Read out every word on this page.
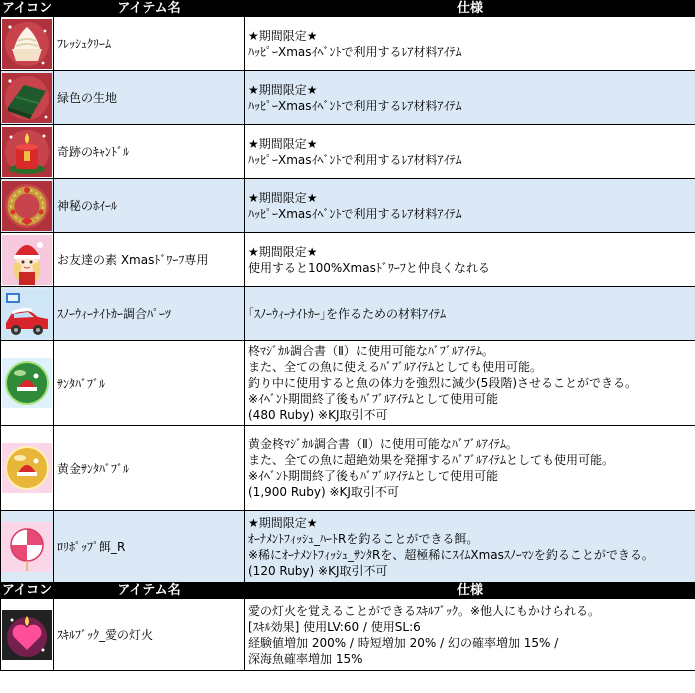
アイコン	アイテム名	仕様

	ﾌﾚｯｼｭｸﾘｰﾑ	★期間限定★
ﾊｯﾋﾟｰXmasｲﾍﾞﾝﾄで利用するﾚｱ材料ｱｲﾃﾑ

	緑色の生地	★期間限定★
ﾊｯﾋﾟｰXmasｲﾍﾞﾝﾄで利用するﾚｱ材料ｱｲﾃﾑ

	奇跡のｷｬﾝﾄﾞﾙ	★期間限定★
ﾊｯﾋﾟｰXmasｲﾍﾞﾝﾄで利用するﾚｱ材料ｱｲﾃﾑ

	神秘のﾎｲｰﾙ	★期間限定★
ﾊｯﾋﾟｰXmasｲﾍﾞﾝﾄで利用するﾚｱ材料ｱｲﾃﾑ

	お友達の素 Xmasﾄﾞﾜｰﾌ専用	★期間限定★
使用すると100%Xmasﾄﾞﾜｰﾌと仲良くなれる

	ｽﾉｰｳｨｰﾅｲﾄｶｰ調合ﾊﾟｰﾂ	｢ｽﾉｰｳｨｰﾅｲﾄｶｰ｣を作るための材料ｱｲﾃﾑ

	ｻﾝﾀﾊﾞﾌﾞﾙ	柊ﾏｼﾞｶﾙ調合書（Ⅱ）に使用可能なﾊﾞﾌﾞﾙｱｲﾃﾑ。
また、全ての魚に使えるﾊﾞﾌﾞﾙｱｲﾃﾑとしても使用可能。
釣り中に使用すると魚の体力を強烈に減少(5段階)させることができる。
※ｲﾍﾞﾝﾄ期間終了後もﾊﾞﾌﾞﾙｱｲﾃﾑとして使用可能
(480 Ruby) ※KJ取引不可

	黄金ｻﾝﾀﾊﾞﾌﾞﾙ	黄金柊ﾏｼﾞｶﾙ調合書（Ⅱ）に使用可能なﾊﾞﾌﾞﾙｱｲﾃﾑ。
また、全ての魚に超絶効果を発揮するﾊﾞﾌﾞﾙｱｲﾃﾑとしても使用可能。
※ｲﾍﾞﾝﾄ期間終了後もﾊﾞﾌﾞﾙｱｲﾃﾑとして使用可能
(1,900 Ruby) ※KJ取引不可

	ﾛﾘﾎﾟｯﾌﾟ餌_R	★期間限定★
ｵｰﾅﾒﾝﾄﾌｨｯｼｭ_ﾊｰﾄRを釣ることができる餌。
※稀にｵｰﾅﾒﾝﾄﾌｨｯｼｭ_ｻﾝﾀRを、超極稀にｽｲﾑXmasｽﾉｰﾏﾝを釣ることができる。
(120 Ruby) ※KJ取引不可
アイコン	アイテム名	仕様

	ｽｷﾙﾌﾞｯｸ_愛の灯火	愛の灯火を覚えることができるｽｷﾙﾌﾞｯｸ。※他人にもかけられる。
[ｽｷﾙ効果] 使用LV:60 / 使用SL:6
経験値増加 200% / 時短増加 20% / 幻の確率増加 15% /
深海魚確率増加 15%
